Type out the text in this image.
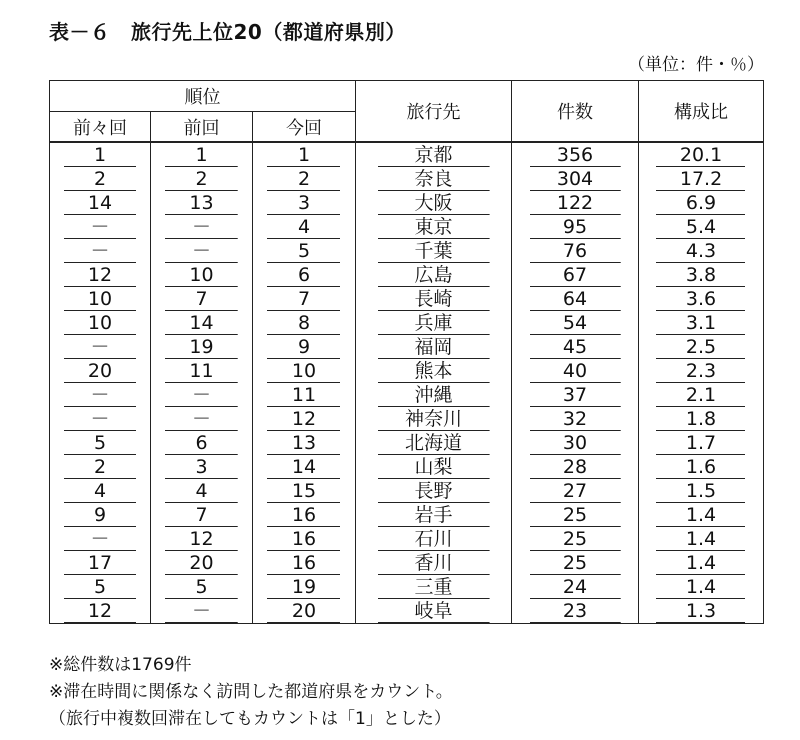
表－６　旅行先上位20（都道府県別）
（単位：件・％）
順位			旅行先	件数	構成比
前々回	前回	今回			
1	1	1	京都	356	20.1
2	2	2	奈良	304	17.2
14	13	3	大阪	122	6.9
－	－	4	東京	95	5.4
－	－	5	千葉	76	4.3
12	10	6	広島	67	3.8
10	7	7	長崎	64	3.6
10	14	8	兵庫	54	3.1
－	19	9	福岡	45	2.5
20	11	10	熊本	40	2.3
－	－	11	沖縄	37	2.1
－	－	12	神奈川	32	1.8
5	6	13	北海道	30	1.7
2	3	14	山梨	28	1.6
4	4	15	長野	27	1.5
9	7	16	岩手	25	1.4
－	12	16	石川	25	1.4
17	20	16	香川	25	1.4
5	5	19	三重	24	1.4
12	－	20	岐阜	23	1.3
※総件数は1769件
※滞在時間に関係なく訪問した都道府県をカウント。
（旅行中複数回滞在してもカウントは「1」とした）
